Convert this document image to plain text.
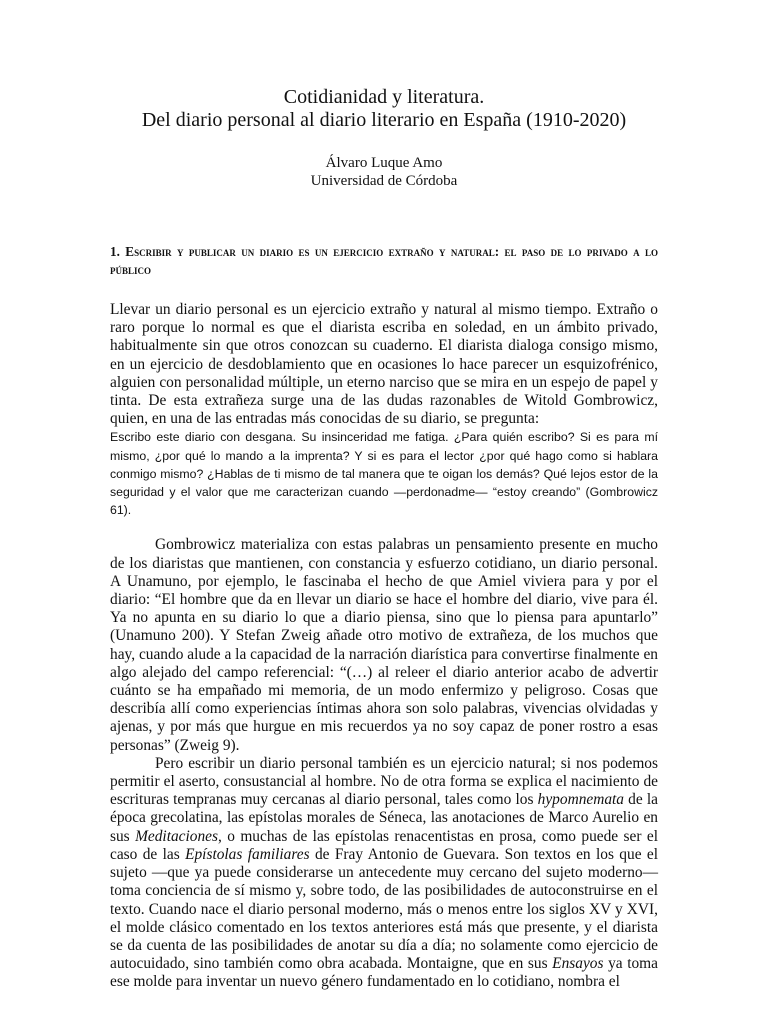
Cotidianidad y literatura.
Del diario personal al diario literario en España (1910-2020)
Álvaro Luque Amo
Universidad de Córdoba
1. Escribir y publicar un diario es un ejercicio extraño y natural: el paso de lo privado a lo público

Llevar un diario personal es un ejercicio extraño y natural al mismo tiempo. Extraño o raro porque lo normal es que el diarista escriba en soledad, en un ámbito privado, habitualmente sin que otros conozcan su cuaderno. El diarista dialoga consigo mismo, en un ejercicio de desdoblamiento que en ocasiones lo hace parecer un esquizofrénico, alguien con personalidad múltiple, un eterno narciso que se mira en un espejo de papel y tinta. De esta extrañeza surge una de las dudas razonables de Witold Gombrowicz, quien, en una de las entradas más conocidas de su diario, se pregunta:

Escribo este diario con desgana. Su insinceridad me fatiga. ¿Para quién escribo? Si es para mí mismo, ¿por qué lo mando a la imprenta? Y si es para el lector ¿por qué hago como si hablara conmigo mismo? ¿Hablas de ti mismo de tal manera que te oigan los demás? Qué lejos estor de la seguridad y el valor que me caracterizan cuando —perdonadme— “estoy creando” (Gombrowicz 61).

Gombrowicz materializa con estas palabras un pensamiento presente en mucho de los diaristas que mantienen, con constancia y esfuerzo cotidiano, un diario personal. A Unamuno, por ejemplo, le fascinaba el hecho de que Amiel viviera para y por el diario: “El hombre que da en llevar un diario se hace el hombre del diario, vive para él. Ya no apunta en su diario lo que a diario piensa, sino que lo piensa para apuntarlo” (Unamuno 200). Y Stefan Zweig añade otro motivo de extrañeza, de los muchos que hay, cuando alude a la capacidad de la narración diarística para convertirse finalmente en algo alejado del campo referencial: “(…) al releer el diario anterior acabo de advertir cuánto se ha empañado mi memoria, de un modo enfermizo y peligroso. Cosas que describía allí como experiencias íntimas ahora son solo palabras, vivencias olvidadas y ajenas, y por más que hurgue en mis recuerdos ya no soy capaz de poner rostro a esas personas” (Zweig 9).

Pero escribir un diario personal también es un ejercicio natural; si nos podemos permitir el aserto, consustancial al hombre. No de otra forma se explica el nacimiento de escrituras tempranas muy cercanas al diario personal, tales como los hypomnemata de la época grecolatina, las epístolas morales de Séneca, las anotaciones de Marco Aurelio en sus Meditaciones, o muchas de las epístolas renacentistas en prosa, como puede ser el caso de las Epístolas familiares de Fray Antonio de Guevara. Son textos en los que el sujeto —que ya puede considerarse un antecedente muy cercano del sujeto moderno— toma conciencia de sí mismo y, sobre todo, de las posibilidades de autoconstruirse en el texto. Cuando nace el diario personal moderno, más o menos entre los siglos XV y XVI, el molde clásico comentado en los textos anteriores está más que presente, y el diarista se da cuenta de las posibilidades de anotar su día a día; no solamente como ejercicio de autocuidado, sino también como obra acabada. Montaigne, que en sus Ensayos ya toma ese molde para inventar un nuevo género fundamentado en lo cotidiano, nombra el
